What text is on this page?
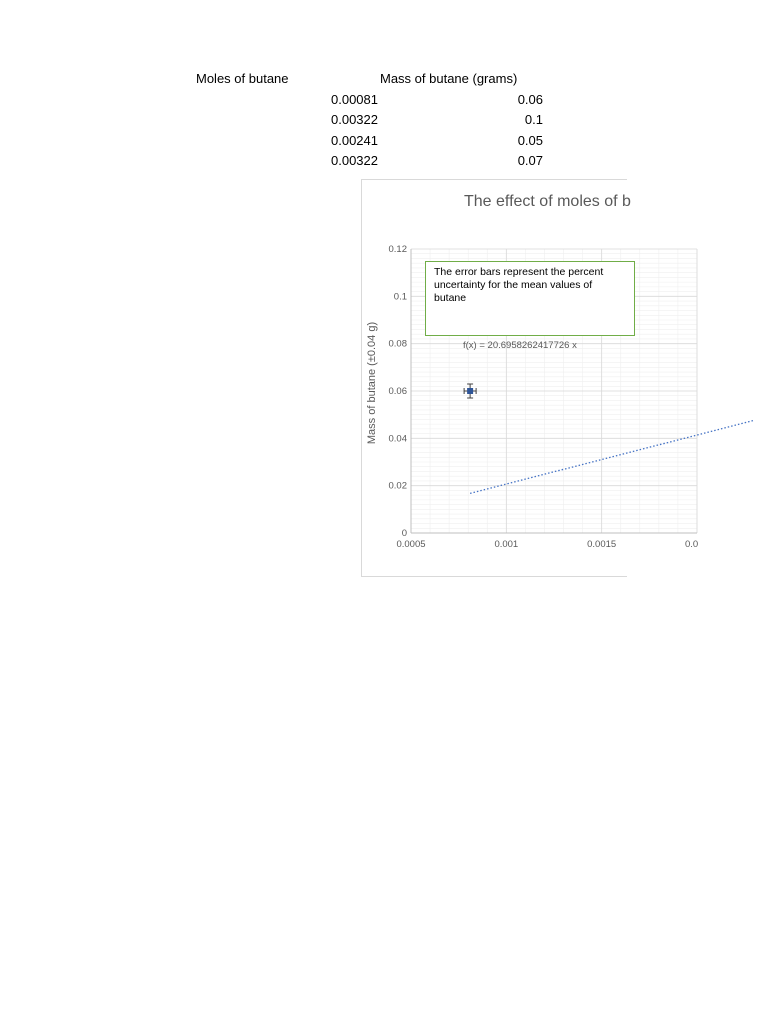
Moles of butane	Mass of butane (grams)
0.00081	0.06
0.00322	0.1
0.00241	0.05
0.00322	0.07
The effect of moles of b
0
0.02
0.04
0.06
0.08
0.1
0.12
0.0005	0.001	0.0015	0.0
Mass of butane (±0.04 g)
The error bars represent the percent uncertainty for the mean values of butane
f(x) = 20.6958262417726 x
